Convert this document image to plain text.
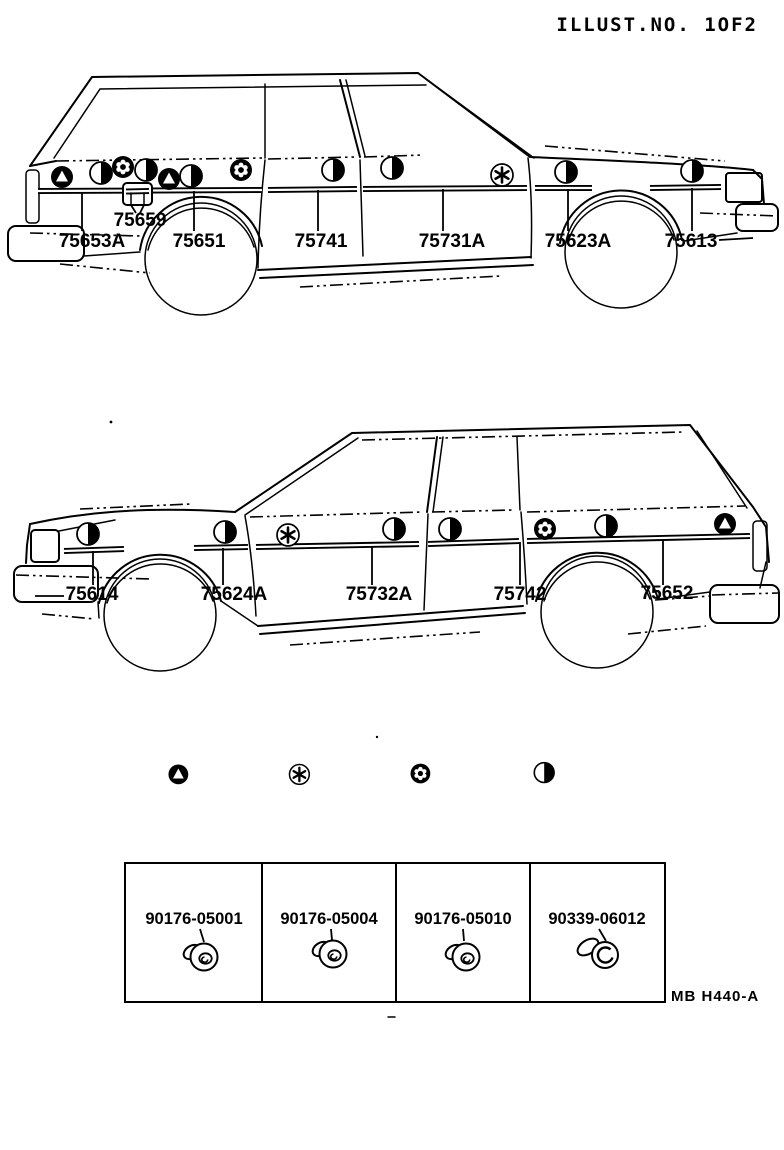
ILLUST.NO. 1OF2
75659
75653A 75651	75741	75731A	75623A	75613
75614	75624A	75732A	75742	75652
90176-05001 90176-05004 90176-05010 90339-06012
MB H440-A
